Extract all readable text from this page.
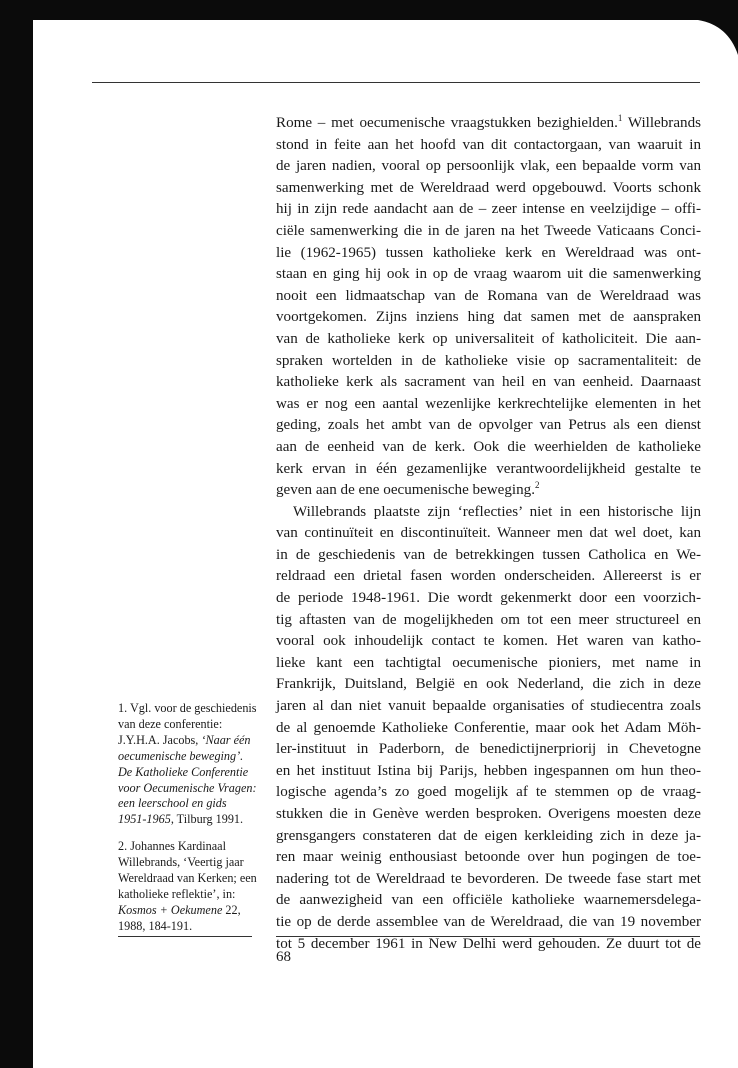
Rome – met oecumenische vraagstukken bezighielden.$^1$ Willebrands
stond in feite aan het hoofd van dit contactorgaan, van waaruit in
de jaren nadien, vooral op persoonlijk vlak, een bepaalde vorm van
samenwerking met de Wereldraad werd opgebouwd. Voorts schonk
hij in zijn rede aandacht aan de – zeer intense en veelzijdige – offi-
ciële samenwerking die in de jaren na het Tweede Vaticaans Conci-
lie (1962-1965) tussen katholieke kerk en Wereldraad was ont-
staan en ging hij ook in op de vraag waarom uit die samenwerking
nooit een lidmaatschap van de Romana van de Wereldraad was
voortgekomen. Zijns inziens hing dat samen met de aanspraken
van de katholieke kerk op universaliteit of katholiciteit. Die aan-
spraken wortelden in de katholieke visie op sacramentaliteit: de
katholieke kerk als sacrament van heil en van eenheid. Daarnaast
was er nog een aantal wezenlijke kerkrechtelijke elementen in het
geding, zoals het ambt van de opvolger van Petrus als een dienst
aan de eenheid van de kerk. Ook die weerhielden de katholieke
kerk ervan in één gezamenlijke verantwoordelijkheid gestalte te
geven aan de ene oecumenische beweging.$^2$

Willebrands plaatste zijn ‘reflecties’ niet in een historische lijn
van continuïteit en discontinuïteit. Wanneer men dat wel doet, kan
in de geschiedenis van de betrekkingen tussen Catholica en We-
reldraad een drietal fasen worden onderscheiden. Allereerst is er
de periode 1948-1961. Die wordt gekenmerkt door een voorzich-
tig aftasten van de mogelijkheden om tot een meer structureel en
vooral ook inhoudelijk contact te komen. Het waren van katho-
lieke kant een tachtigtal oecumenische pioniers, met name in
Frankrijk, Duitsland, België en ook Nederland, die zich in deze
jaren al dan niet vanuit bepaalde organisaties of studiecentra zoals
de al genoemde Katholieke Conferentie, maar ook het Adam Möh-
ler-instituut in Paderborn, de benedictijnerpriorij in Chevetogne
en het instituut Istina bij Parijs, hebben ingespannen om hun theo-
logische agenda’s zo goed mogelijk af te stemmen op de vraag-
stukken die in Genève werden besproken. Overigens moesten deze
grensgangers constateren dat de eigen kerkleiding zich in deze ja-
ren maar weinig enthousiast betoonde over hun pogingen de toe-
nadering tot de Wereldraad te bevorderen. De tweede fase start met
de aanwezigheid van een officiële katholieke waarnemersdelega-
tie op de derde assemblee van de Wereldraad, die van 19 november
tot 5 december 1961 in New Delhi werd gehouden. Ze duurt tot de

1. Vgl. voor de geschiedenis
van deze conferentie:
J.Y.H.A. Jacobs, ‘Naar één
oecumenische beweging’.
De Katholieke Conferentie
voor Oecumenische Vragen:
een leerschool en gids
1951-1965, Tilburg 1991.
2. Johannes Kardinaal
Willebrands, ‘Veertig jaar
Wereldraad van Kerken; een
katholieke reflektie’, in:
Kosmos + Oekumene 22,
1988, 184-191.
68
